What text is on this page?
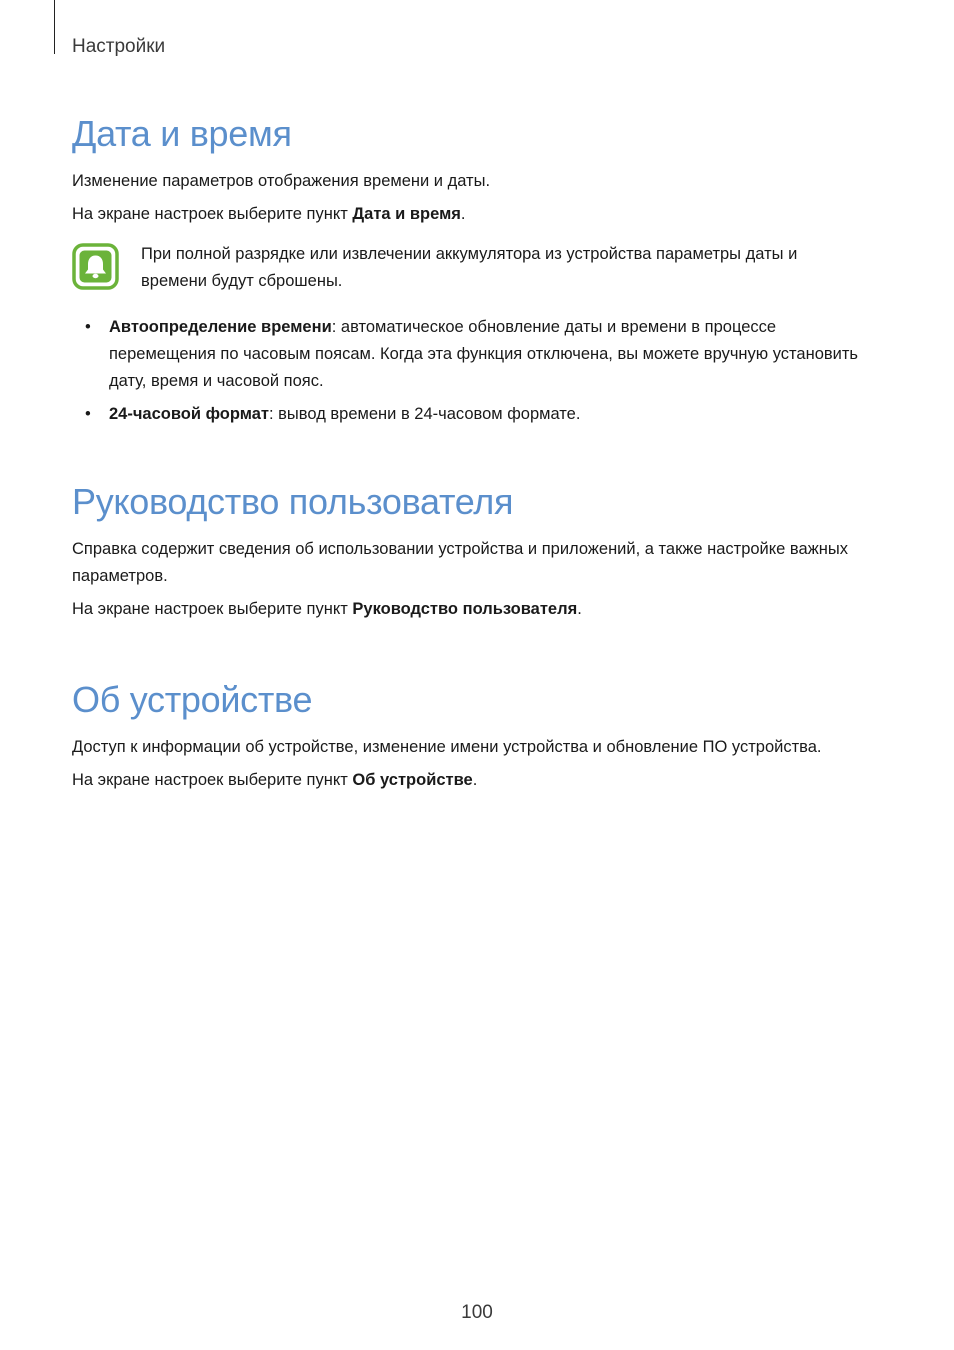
Настройки
Дата и время

Изменение параметров отображения времени и даты.

На экране настроек выберите пункт Дата и время.

При полной разрядке или извлечении аккумулятора из устройства параметры даты и времени будут сброшены.
• Автоопределение времени: автоматическое обновление даты и времени в процессе перемещения по часовым поясам. Когда эта функция отключена, вы можете вручную установить дату, время и часовой пояс.
• 24-часовой формат: вывод времени в 24-часовом формате.
Руководство пользователя

Справка содержит сведения об использовании устройства и приложений, а также настройке важных параметров.

На экране настроек выберите пункт Руководство пользователя.

Об устройстве

Доступ к информации об устройстве, изменение имени устройства и обновление ПО устройства.

На экране настроек выберите пункт Об устройстве.

100
